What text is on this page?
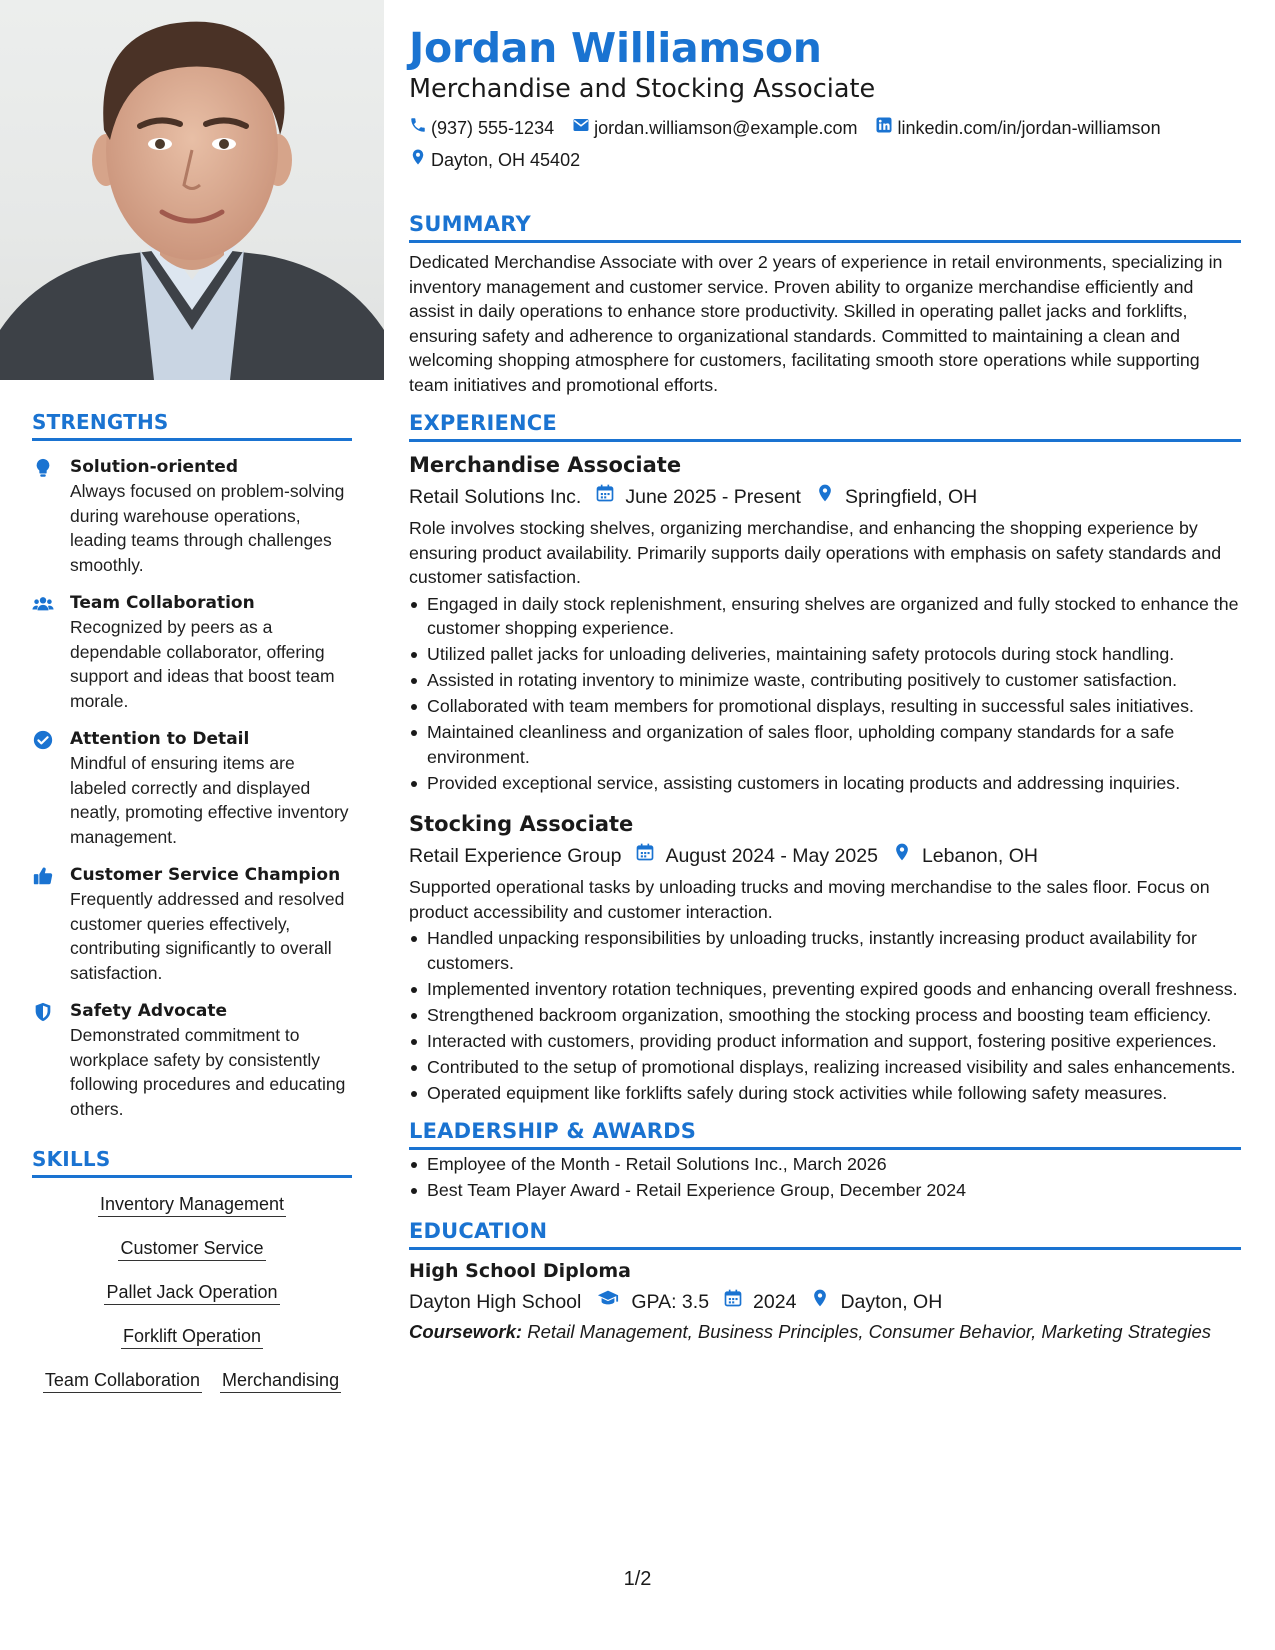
STRENGTHS
Solution-oriented
Always focused on problem-solving during warehouse operations, leading teams through challenges smoothly.
Team Collaboration
Recognized by peers as a dependable collaborator, offering support and ideas that boost team morale.
Attention to Detail
Mindful of ensuring items are labeled correctly and displayed neatly, promoting effective inventory management.
Customer Service Champion
Frequently addressed and resolved customer queries effectively, contributing significantly to overall satisfaction.
Safety Advocate
Demonstrated commitment to workplace safety by consistently following procedures and educating others.
SKILLS
Inventory Management
Customer Service
Pallet Jack Operation
Forklift Operation
Team Collaboration Merchandising
Jordan Williamson
Merchandise and Stocking Associate
(937) 555-1234 jordan.williamson@example.com linkedin.com/in/jordan-williamson
Dayton, OH 45402
SUMMARY
Dedicated Merchandise Associate with over 2 years of experience in retail environments, specializing in inventory management and customer service. Proven ability to organize merchandise efficiently and assist in daily operations to enhance store productivity. Skilled in operating pallet jacks and forklifts, ensuring safety and adherence to organizational standards. Committed to maintaining a clean and welcoming shopping atmosphere for customers, facilitating smooth store operations while supporting team initiatives and promotional efforts.
EXPERIENCE
Merchandise Associate
Retail Solutions Inc. June 2025 - Present Springfield, OH
Role involves stocking shelves, organizing merchandise, and enhancing the shopping experience by ensuring product availability. Primarily supports daily operations with emphasis on safety standards and customer satisfaction.
Engaged in daily stock replenishment, ensuring shelves are organized and fully stocked to enhance the customer shopping experience.
Utilized pallet jacks for unloading deliveries, maintaining safety protocols during stock handling.
Assisted in rotating inventory to minimize waste, contributing positively to customer satisfaction.
Collaborated with team members for promotional displays, resulting in successful sales initiatives.
Maintained cleanliness and organization of sales floor, upholding company standards for a safe environment.
Provided exceptional service, assisting customers in locating products and addressing inquiries.
Stocking Associate
Retail Experience Group August 2024 - May 2025 Lebanon, OH
Supported operational tasks by unloading trucks and moving merchandise to the sales floor. Focus on product accessibility and customer interaction.
Handled unpacking responsibilities by unloading trucks, instantly increasing product availability for customers.
Implemented inventory rotation techniques, preventing expired goods and enhancing overall freshness.
Strengthened backroom organization, smoothing the stocking process and boosting team efficiency.
Interacted with customers, providing product information and support, fostering positive experiences.
Contributed to the setup of promotional displays, realizing increased visibility and sales enhancements.
Operated equipment like forklifts safely during stock activities while following safety measures.
LEADERSHIP & AWARDS
Employee of the Month - Retail Solutions Inc., March 2026
Best Team Player Award - Retail Experience Group, December 2024
EDUCATION
High School Diploma
Dayton High School	GPA: 3.5 2024 Dayton, OH
Coursework: Retail Management, Business Principles, Consumer Behavior, Marketing Strategies
1/2
